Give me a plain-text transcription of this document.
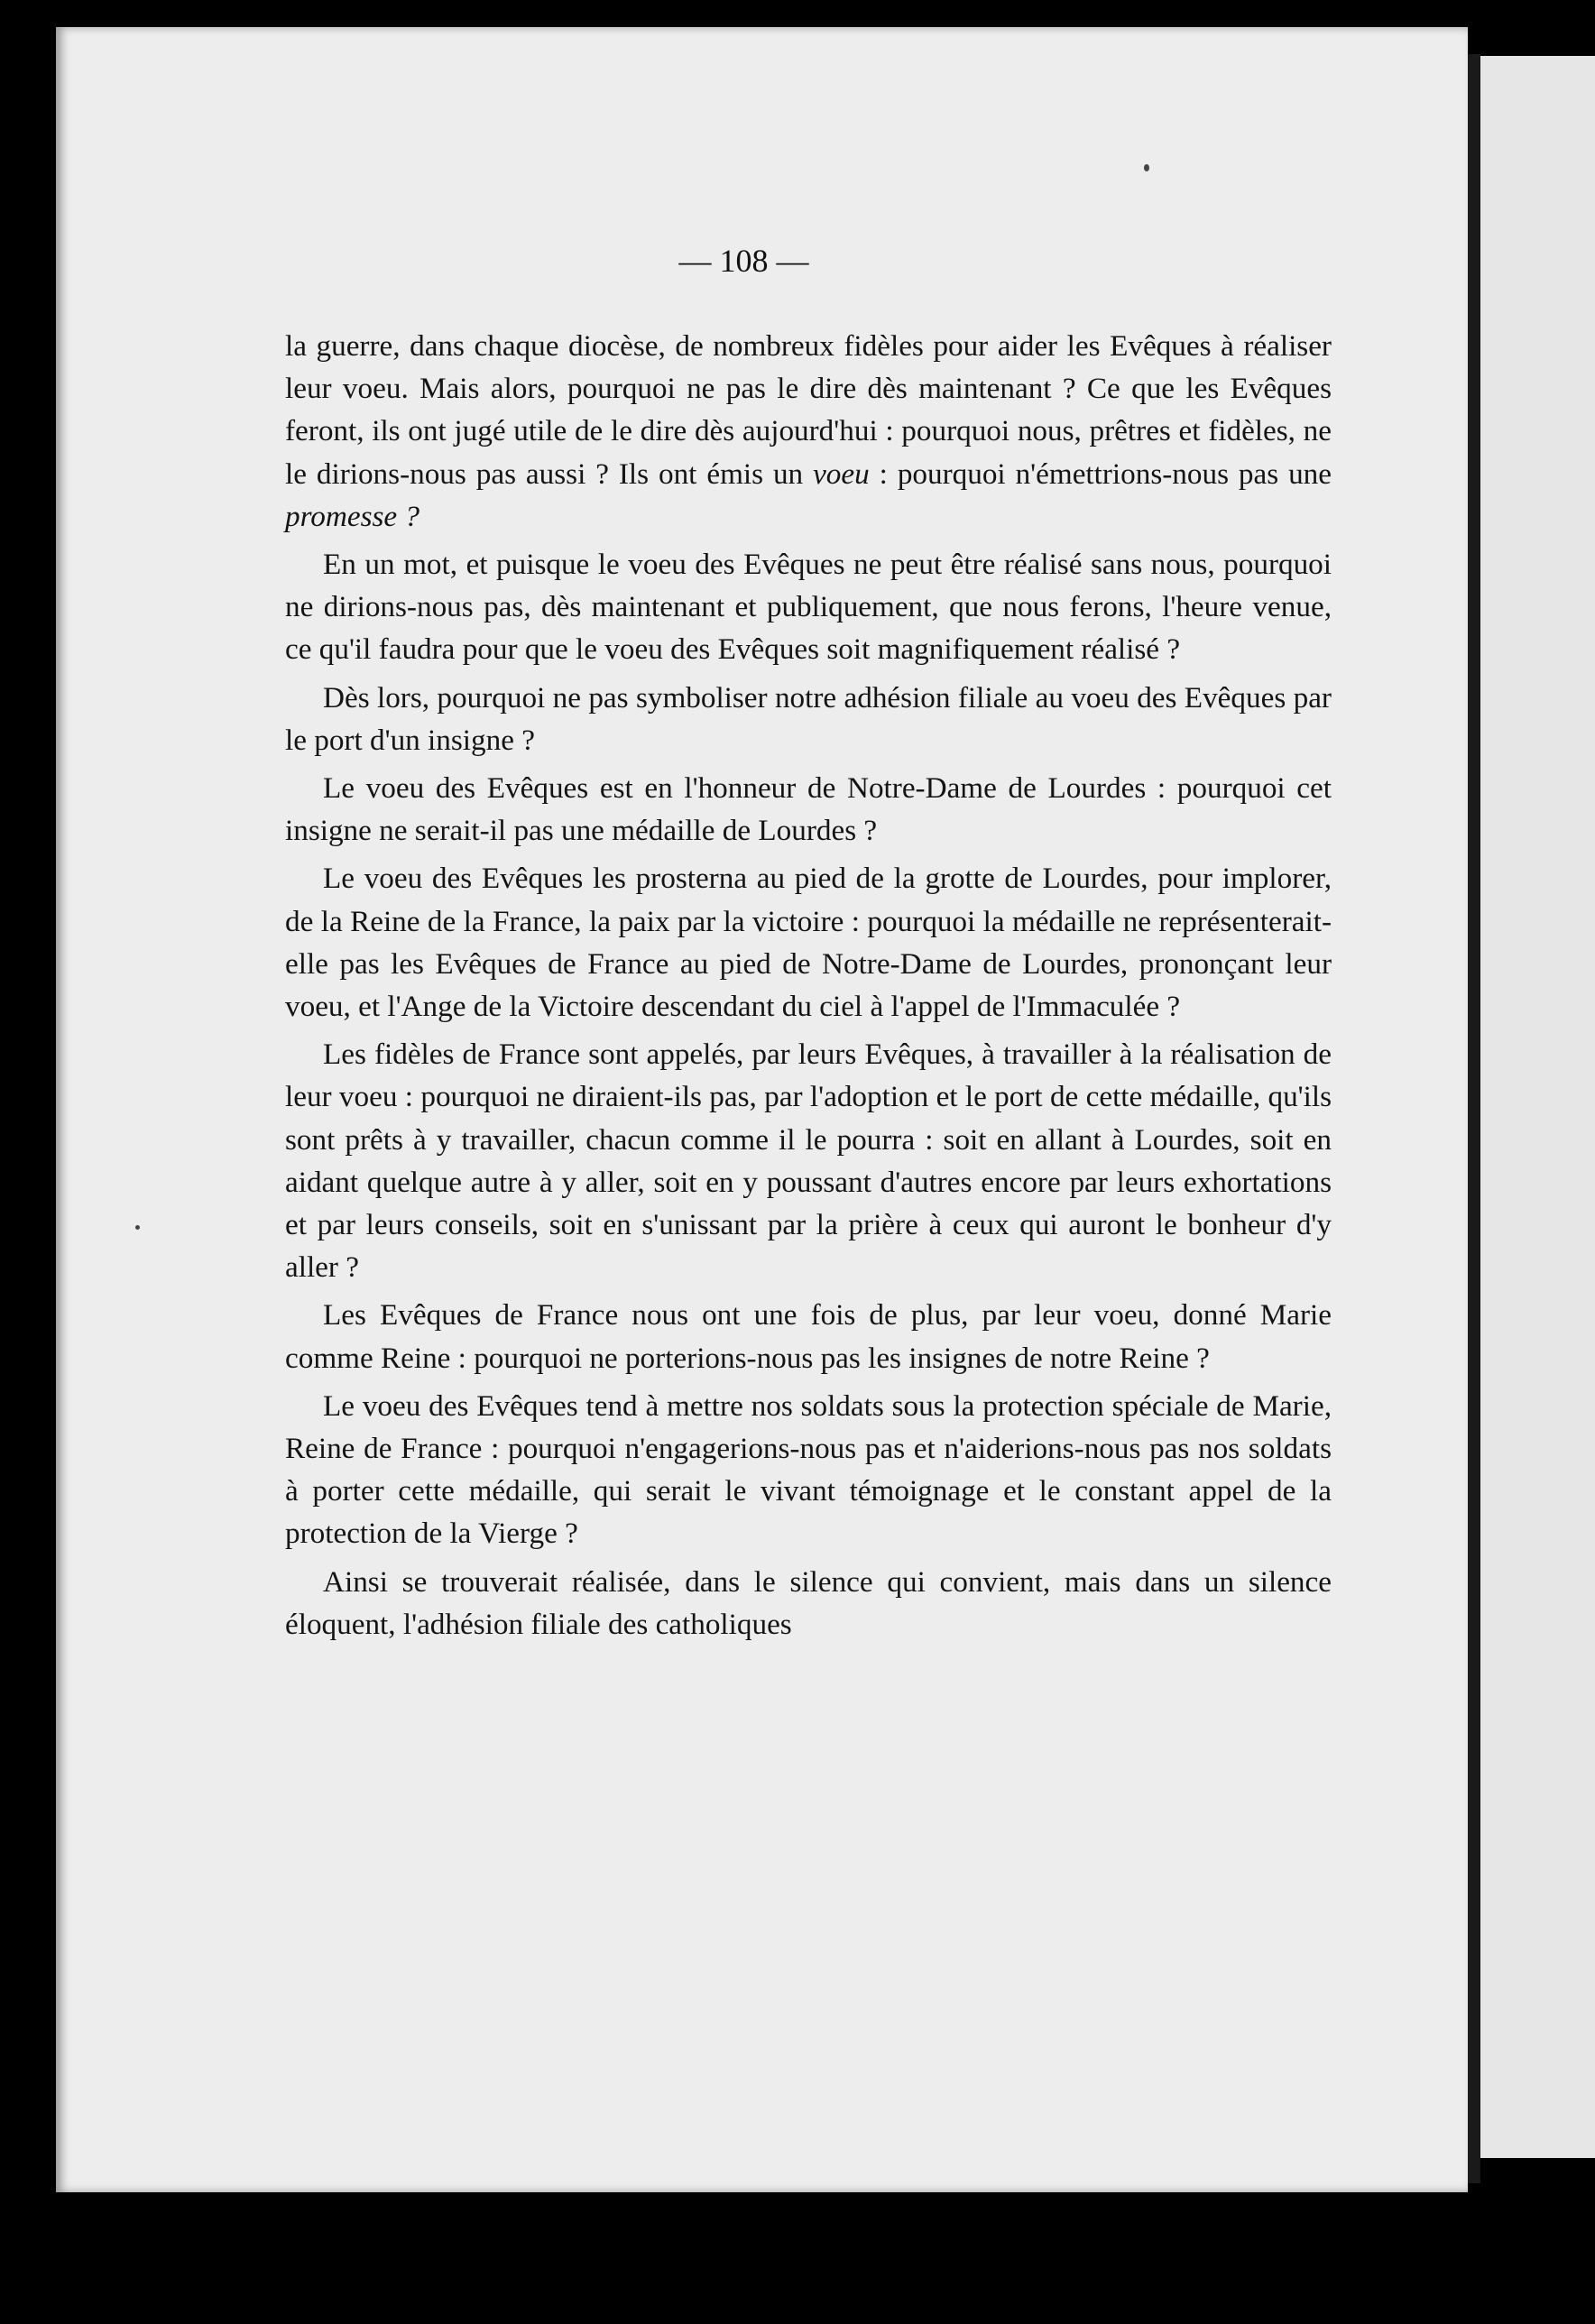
— 108 —

la guerre, dans chaque diocèse, de nombreux fidèles pour aider les Evêques à réaliser leur voeu. Mais alors, pourquoi ne pas le dire dès maintenant ? Ce que les Evêques feront, ils ont jugé utile de le dire dès aujourd'hui : pourquoi nous, prêtres et fidèles, ne le dirions-nous pas aussi ? Ils ont émis un voeu : pourquoi n'émettrions-nous pas une promesse ?

En un mot, et puisque le voeu des Evêques ne peut être réalisé sans nous, pourquoi ne dirions-nous pas, dès maintenant et publiquement, que nous ferons, l'heure venue, ce qu'il faudra pour que le voeu des Evêques soit magnifiquement réalisé ?

Dès lors, pourquoi ne pas symboliser notre adhésion filiale au voeu des Evêques par le port d'un insigne ?

Le voeu des Evêques est en l'honneur de Notre-Dame de Lourdes : pourquoi cet insigne ne serait-il pas une médaille de Lourdes ?

Le voeu des Evêques les prosterna au pied de la grotte de Lourdes, pour implorer, de la Reine de la France, la paix par la victoire : pourquoi la médaille ne représenterait-elle pas les Evêques de France au pied de Notre-Dame de Lourdes, prononçant leur voeu, et l'Ange de la Victoire descendant du ciel à l'appel de l'Immaculée ?

Les fidèles de France sont appelés, par leurs Evêques, à travailler à la réalisation de leur voeu : pourquoi ne diraient-ils pas, par l'adoption et le port de cette médaille, qu'ils sont prêts à y travailler, chacun comme il le pourra : soit en allant à Lourdes, soit en aidant quelque autre à y aller, soit en y poussant d'autres encore par leurs exhortations et par leurs conseils, soit en s'unissant par la prière à ceux qui auront le bonheur d'y aller ?

Les Evêques de France nous ont une fois de plus, par leur voeu, donné Marie comme Reine : pourquoi ne porterions-nous pas les insignes de notre Reine ?

Le voeu des Evêques tend à mettre nos soldats sous la protection spéciale de Marie, Reine de France : pourquoi n'engagerions-nous pas et n'aiderions-nous pas nos soldats à porter cette médaille, qui serait le vivant témoignage et le constant appel de la protection de la Vierge ?

Ainsi se trouverait réalisée, dans le silence qui convient, mais dans un silence éloquent, l'adhésion filiale des catholiques
